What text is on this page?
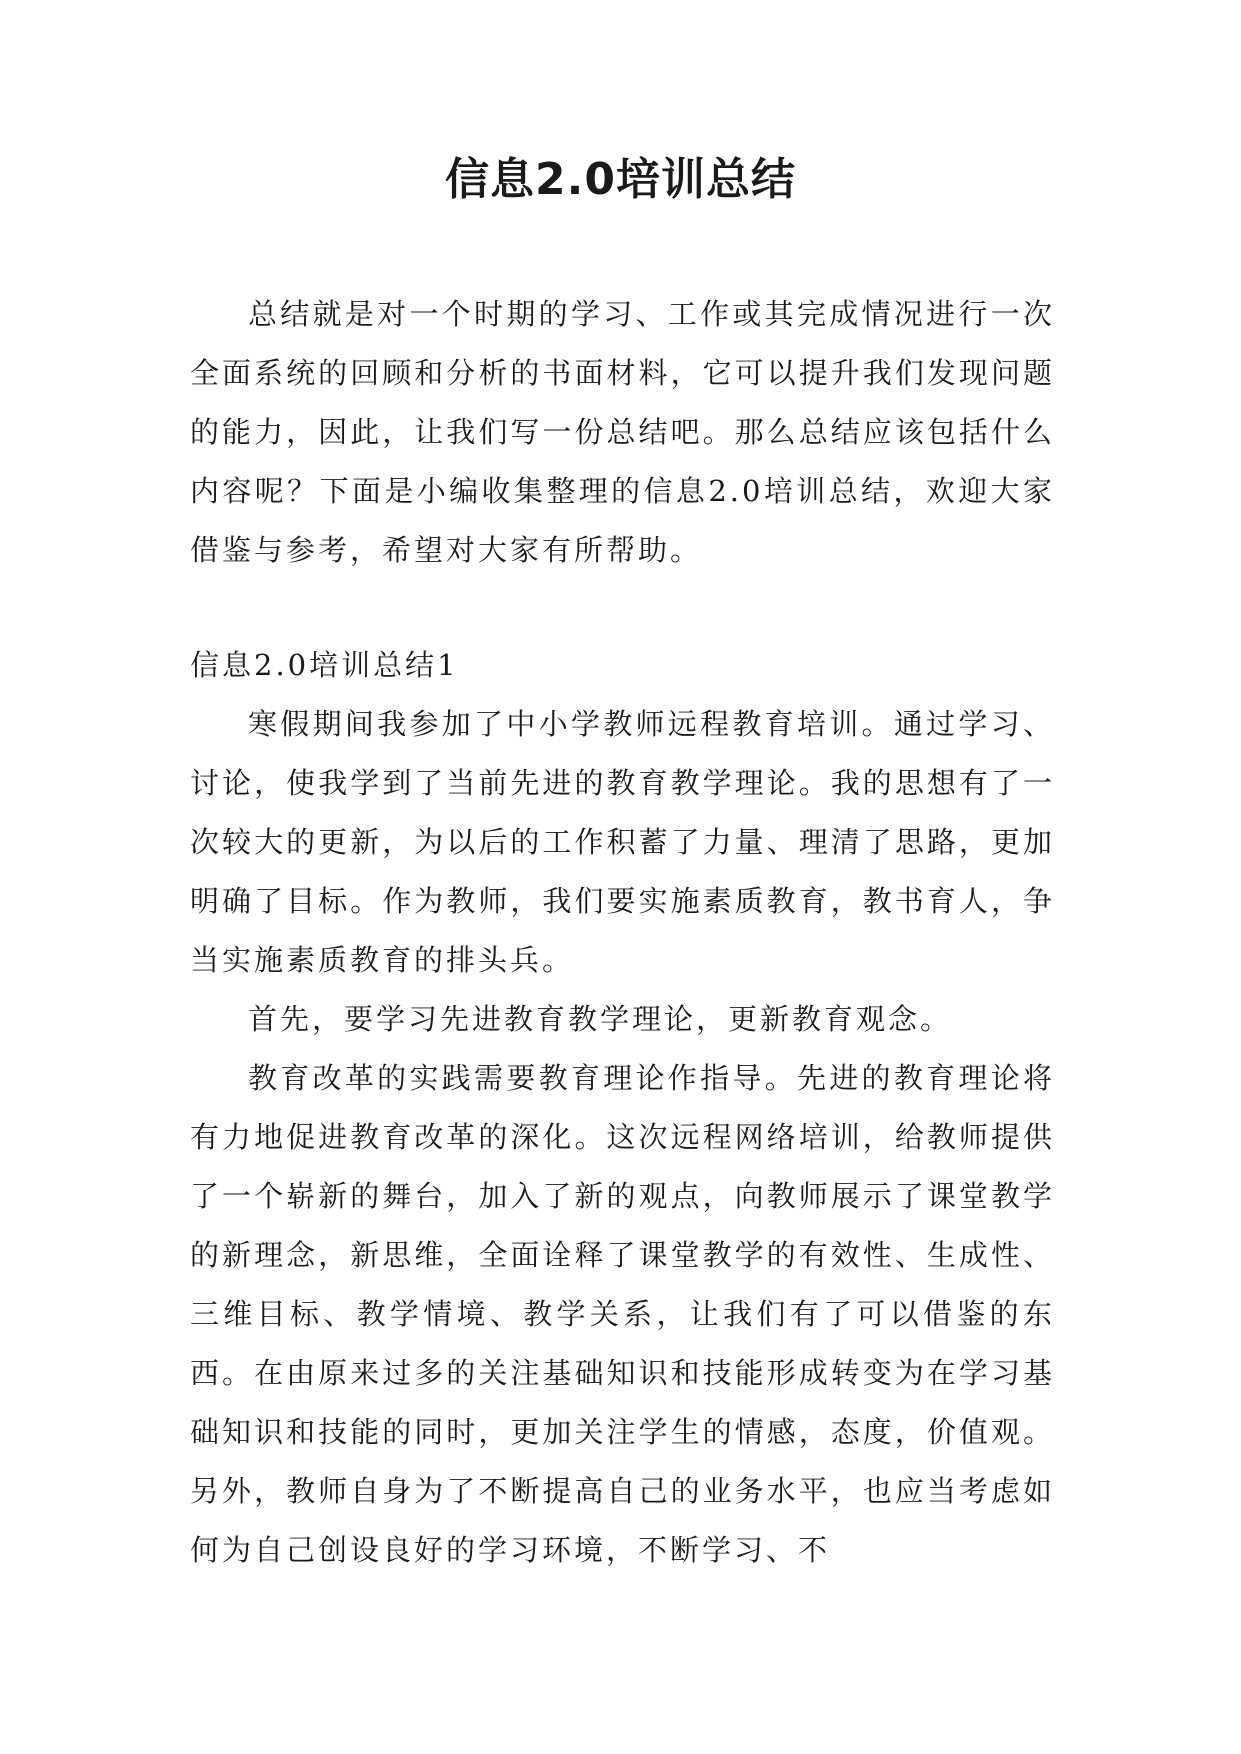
信息2.0培训总结

总结就是对一个时期的学习、工作或其完成情况进行一次全面系统的回顾和分析的书面材料，它可以提升我们发现问题的能力，因此，让我们写一份总结吧。那么总结应该包括什么内容呢？下面是小编收集整理的信息2.0培训总结，欢迎大家借鉴与参考，希望对大家有所帮助。

信息2.0培训总结1

寒假期间我参加了中小学教师远程教育培训。通过学习、讨论，使我学到了当前先进的教育教学理论。我的思想有了一次较大的更新，为以后的工作积蓄了力量、理清了思路，更加明确了目标。作为教师，我们要实施素质教育，教书育人，争当实施素质教育的排头兵。

首先，要学习先进教育教学理论，更新教育观念。

教育改革的实践需要教育理论作指导。先进的教育理论将有力地促进教育改革的深化。这次远程网络培训，给教师提供了一个崭新的舞台，加入了新的观点，向教师展示了课堂教学的新理念，新思维，全面诠释了课堂教学的有效性、生成性、三维目标、教学情境、教学关系，让我们有了可以借鉴的东西。在由原来过多的关注基础知识和技能形成转变为在学习基础知识和技能的同时，更加关注学生的情感，态度，价值观。另外，教师自身为了不断提高自己的业务水平，也应当考虑如何为自己创设良好的学习环境，不断学习、不
